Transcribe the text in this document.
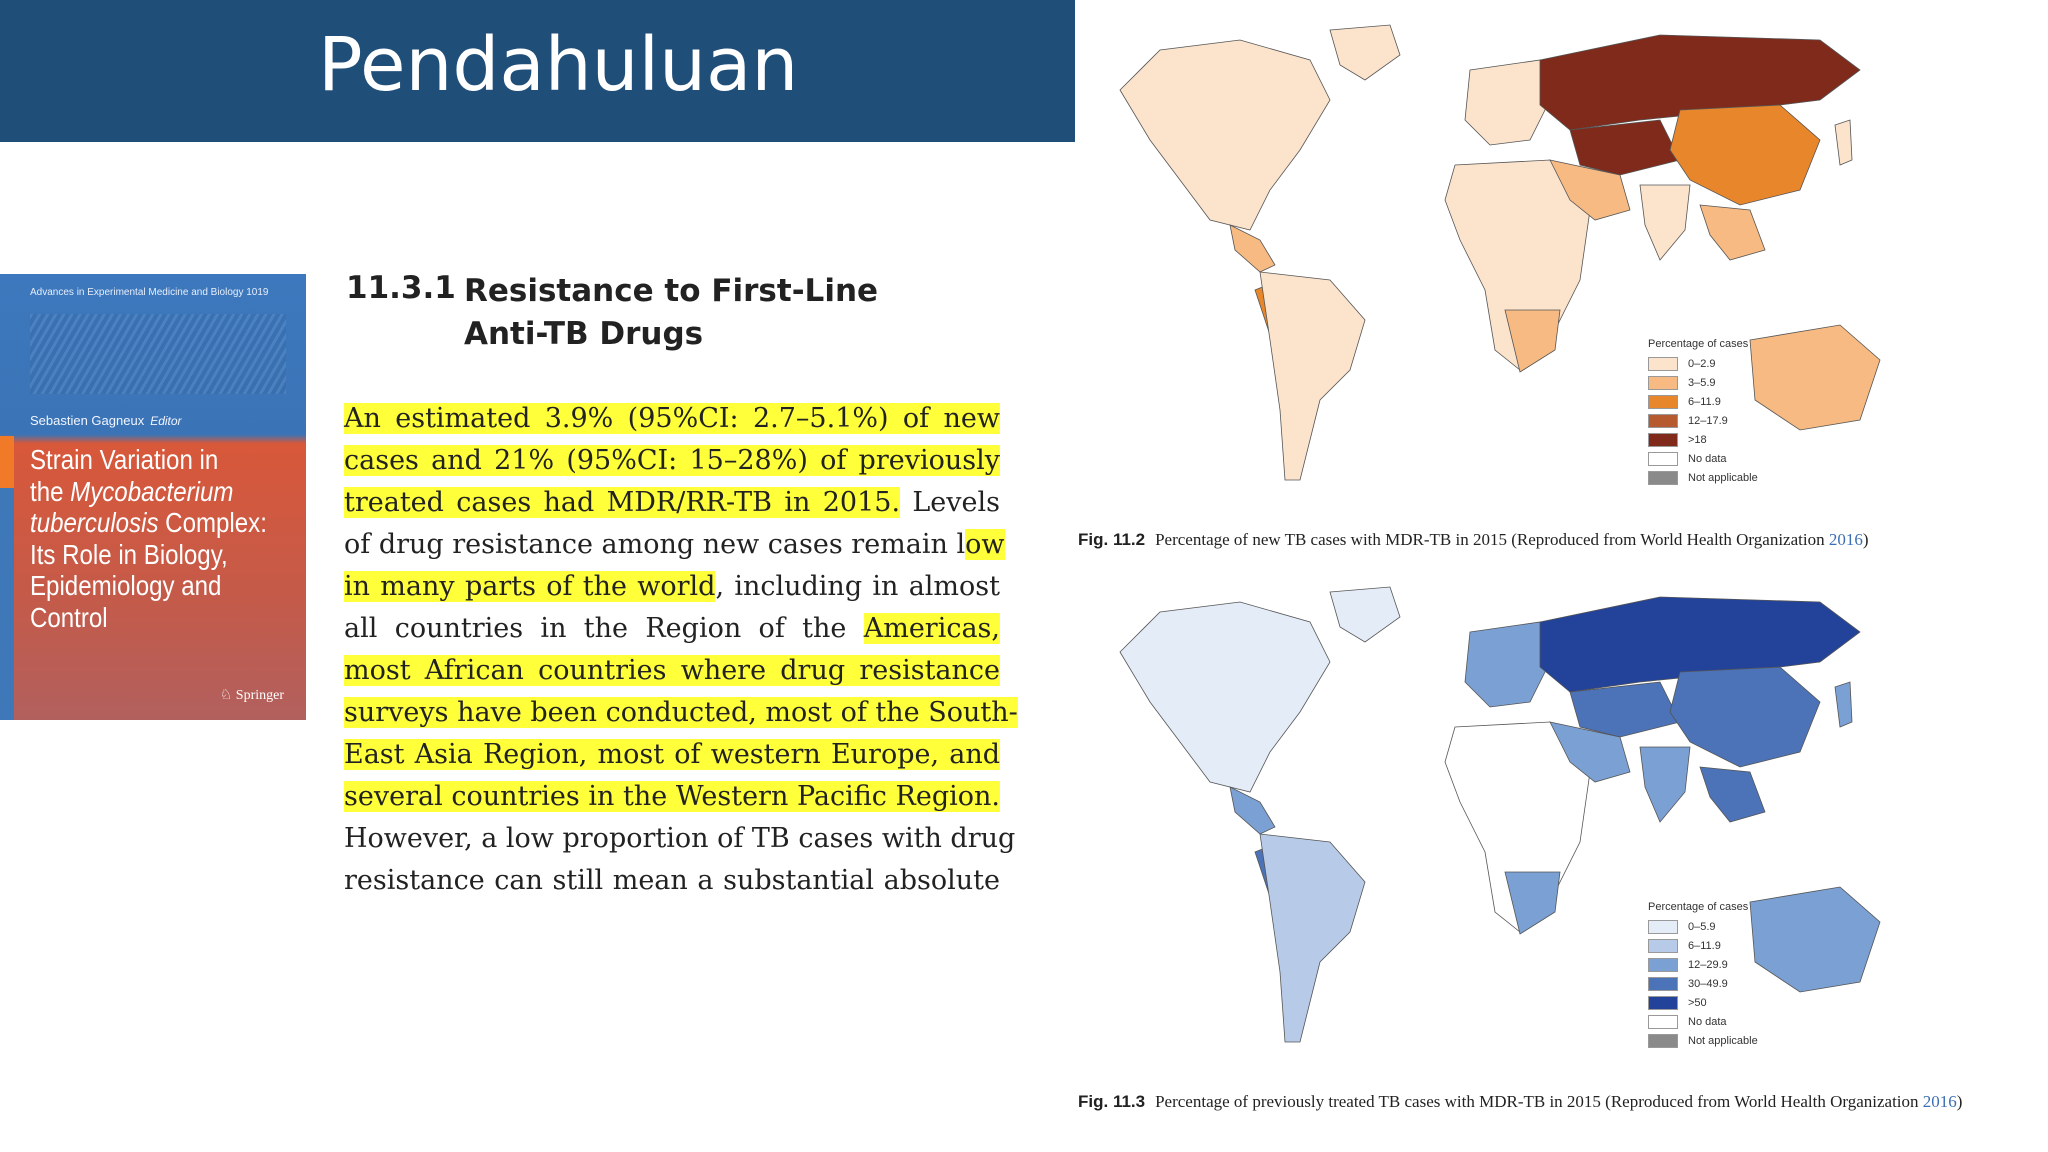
Pendahuluan
Advances in Experimental Medicine and Biology 1019
Sebastien Gagneux Editor
Strain Variation in
the Mycobacterium
tuberculosis Complex:
Its Role in Biology,
Epidemiology and
Control
♘ Springer
11.3.1 Resistance to First-Line
Anti-TB Drugs
An estimated 3.9% (95%CI: 2.7–5.1%) of new
cases and 21% (95%CI: 15–28%) of previously
treated cases had MDR/RR-TB in 2015. Levels
of drug resistance among new cases remain low
in many parts of the world, including in almost
all countries in the Region of the Americas,
most African countries where drug resistance
surveys have been conducted, most of the South-
East Asia Region, most of western Europe, and
several countries in the Western Pacific Region.
However, a low proportion of TB cases with drug
resistance can still mean a substantial absolute
Percentage of cases
0–2.9
3–5.9
6–11.9
12–17.9
>18
No data
Not applicable
Fig. 11.2 Percentage of new TB cases with MDR-TB in 2015 (Reproduced from World Health Organization 2016)
Percentage of cases
0–5.9
6–11.9
12–29.9
30–49.9
>50
No data
Not applicable
Fig. 11.3 Percentage of previously treated TB cases with MDR-TB in 2015 (Reproduced from World Health Organization 2016)
